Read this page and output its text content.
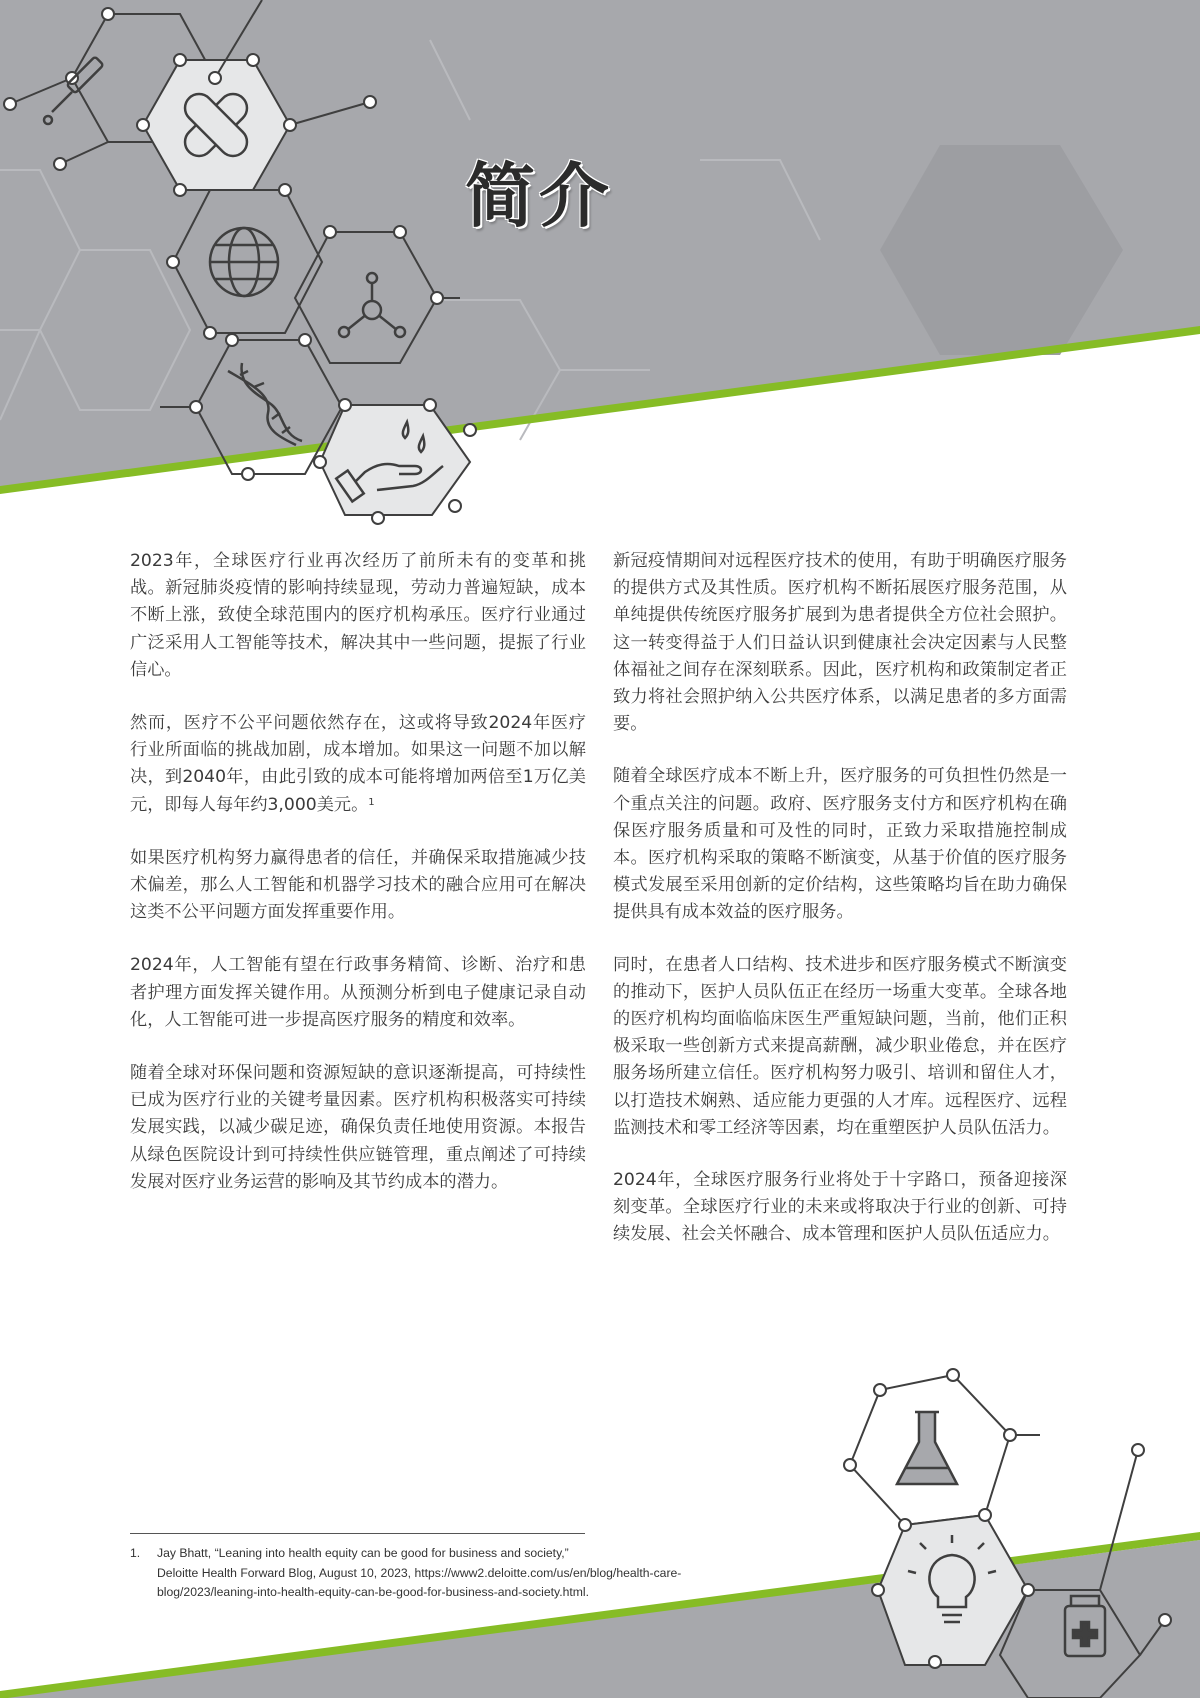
简介

2023年，全球医疗行业再次经历了前所未有的变革和挑战。新冠肺炎疫情的影响持续显现，劳动力普遍短缺，成本不断上涨，致使全球范围内的医疗机构承压。医疗行业通过广泛采用人工智能等技术，解决其中一些问题，提振了行业信心。

然而，医疗不公平问题依然存在，这或将导致2024年医疗行业所面临的挑战加剧，成本增加。如果这一问题不加以解决，到2040年，由此引致的成本可能将增加两倍至1万亿美元，即每人每年约3,000美元。$^1$

如果医疗机构努力赢得患者的信任，并确保采取措施减少技术偏差，那么人工智能和机器学习技术的融合应用可在解决这类不公平问题方面发挥重要作用。

2024年，人工智能有望在行政事务精简、诊断、治疗和患者护理方面发挥关键作用。从预测分析到电子健康记录自动化，人工智能可进一步提高医疗服务的精度和效率。

随着全球对环保问题和资源短缺的意识逐渐提高，可持续性已成为医疗行业的关键考量因素。医疗机构积极落实可持续发展实践，以减少碳足迹，确保负责任地使用资源。本报告从绿色医院设计到可持续性供应链管理，重点阐述了可持续发展对医疗业务运营的影响及其节约成本的潜力。

新冠疫情期间对远程医疗技术的使用，有助于明确医疗服务的提供方式及其性质。医疗机构不断拓展医疗服务范围，从单纯提供传统医疗服务扩展到为患者提供全方位社会照护。这一转变得益于人们日益认识到健康社会决定因素与人民整体福祉之间存在深刻联系。因此，医疗机构和政策制定者正致力将社会照护纳入公共医疗体系，以满足患者的多方面需要。

随着全球医疗成本不断上升，医疗服务的可负担性仍然是一个重点关注的问题。政府、医疗服务支付方和医疗机构在确保医疗服务质量和可及性的同时，正致力采取措施控制成本。医疗机构采取的策略不断演变，从基于价值的医疗服务模式发展至采用创新的定价结构，这些策略均旨在助力确保提供具有成本效益的医疗服务。

同时，在患者人口结构、技术进步和医疗服务模式不断演变的推动下，医护人员队伍正在经历一场重大变革。全球各地的医疗机构均面临临床医生严重短缺问题，当前，他们正积极采取一些创新方式来提高薪酬，减少职业倦怠，并在医疗服务场所建立信任。医疗机构努力吸引、培训和留住人才，以打造技术娴熟、适应能力更强的人才库。远程医疗、远程监测技术和零工经济等因素，均在重塑医护人员队伍活力。

2024年，全球医疗服务行业将处于十字路口，预备迎接深刻变革。全球医疗行业的未来或将取决于行业的创新、可持续发展、社会关怀融合、成本管理和医护人员队伍适应力。

1. Jay Bhatt, “Leaning into health equity can be good for business and society,”
Deloitte Health Forward Blog, August 10, 2023, https://www2.deloitte.com/us/en/blog/health-care-
blog/2023/leaning-into-health-equity-can-be-good-for-business-and-society.html.
